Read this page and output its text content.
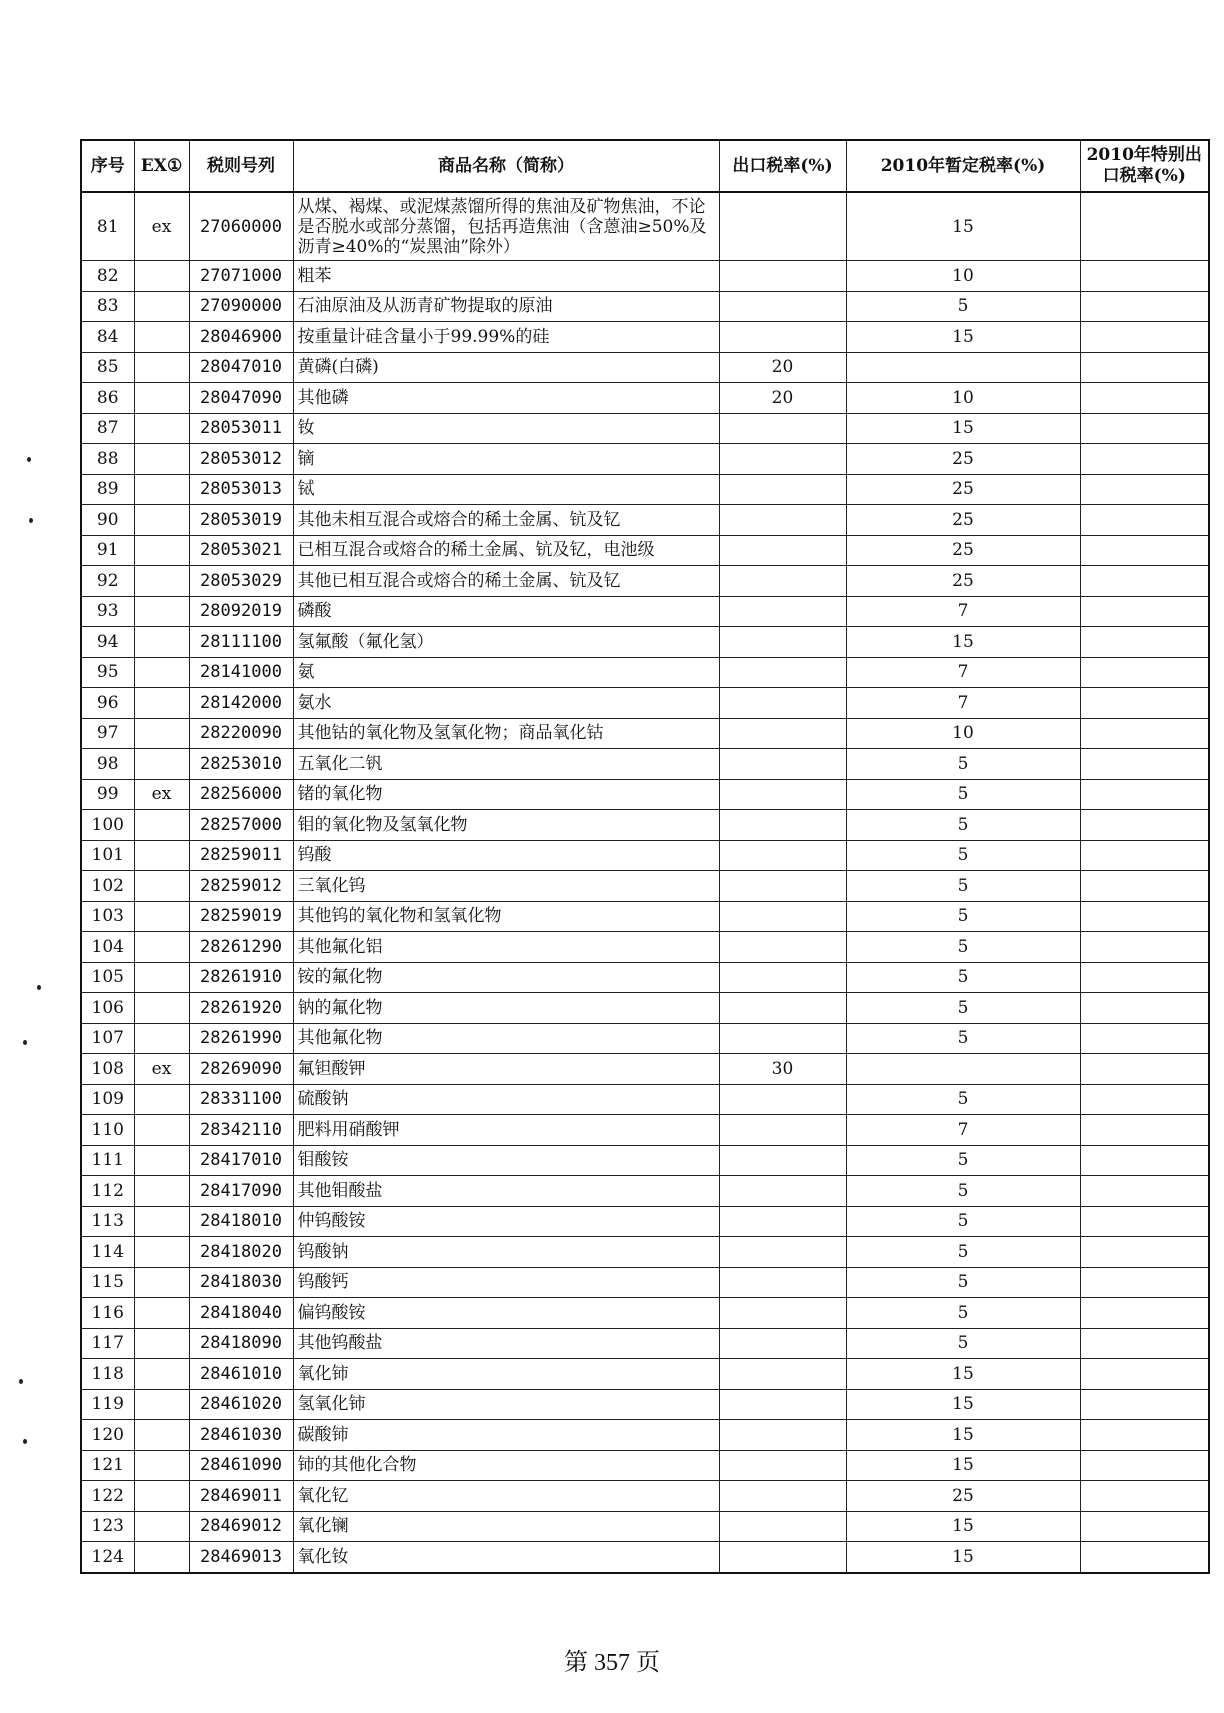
序号	EX①	税则号列	商品名称（简称）	出口税率(%)	2010年暂定税率(%)	2010年特别出口税率(%)
81	ex	27060000	从煤、褐煤、或泥煤蒸馏所得的焦油及矿物焦油，不论是否脱水或部分蒸馏，包括再造焦油（含蒽油≥50%及沥青≥40%的“炭黑油”除外）		15	
82		27071000	粗苯		10	
83		27090000	石油原油及从沥青矿物提取的原油		5	
84		28046900	按重量计硅含量小于99.99%的硅		15	
85		28047010	黄磷(白磷)	20		
86		28047090	其他磷	20	10	
87		28053011	钕		15	
88		28053012	镝		25	
89		28053013	铽		25	
90		28053019	其他未相互混合或熔合的稀土金属、钪及钇		25	
91		28053021	已相互混合或熔合的稀土金属、钪及钇，电池级		25	
92		28053029	其他已相互混合或熔合的稀土金属、钪及钇		25	
93		28092019	磷酸		7	
94		28111100	氢氟酸（氟化氢）		15	
95		28141000	氨		7	
96		28142000	氨水		7	
97		28220090	其他钴的氧化物及氢氧化物；商品氧化钴		10	
98		28253010	五氧化二钒		5	
99	ex	28256000	锗的氧化物		5	
100		28257000	钼的氧化物及氢氧化物		5	
101		28259011	钨酸		5	
102		28259012	三氧化钨		5	
103		28259019	其他钨的氧化物和氢氧化物		5	
104		28261290	其他氟化铝		5	
105		28261910	铵的氟化物		5	
106		28261920	钠的氟化物		5	
107		28261990	其他氟化物		5	
108	ex	28269090	氟钽酸钾	30		
109		28331100	硫酸钠		5	
110		28342110	肥料用硝酸钾		7	
111		28417010	钼酸铵		5	
112		28417090	其他钼酸盐		5	
113		28418010	仲钨酸铵		5	
114		28418020	钨酸钠		5	
115		28418030	钨酸钙		5	
116		28418040	偏钨酸铵		5	
117		28418090	其他钨酸盐		5	
118		28461010	氧化铈		15	
119		28461020	氢氧化铈		15	
120		28461030	碳酸铈		15	
121		28461090	铈的其他化合物		15	
122		28469011	氧化钇		25	
123		28469012	氧化镧		15	
124		28469013	氧化钕		15	
第 357 页
